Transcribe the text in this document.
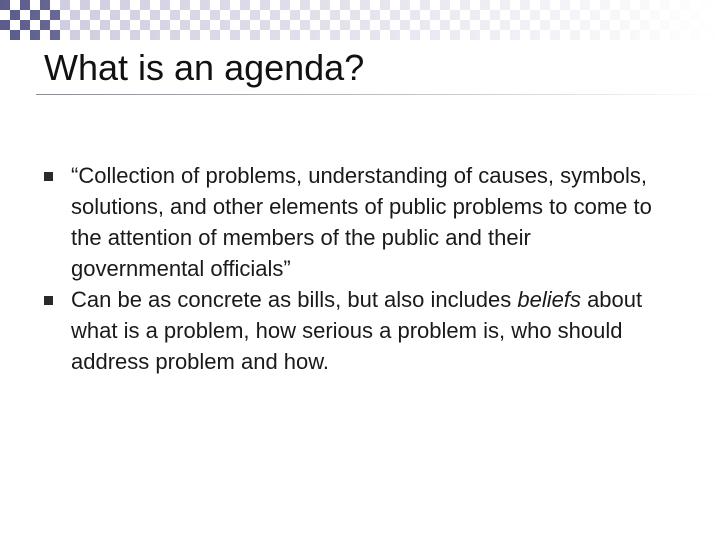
What is an agenda?
“Collection of problems, understanding of causes, symbols, solutions, and other elements of public problems to come to the attention of members of the public and their governmental officials”
Can be as concrete as bills, but also includes beliefs about what is a problem, how serious a problem is, who should address problem and how.
